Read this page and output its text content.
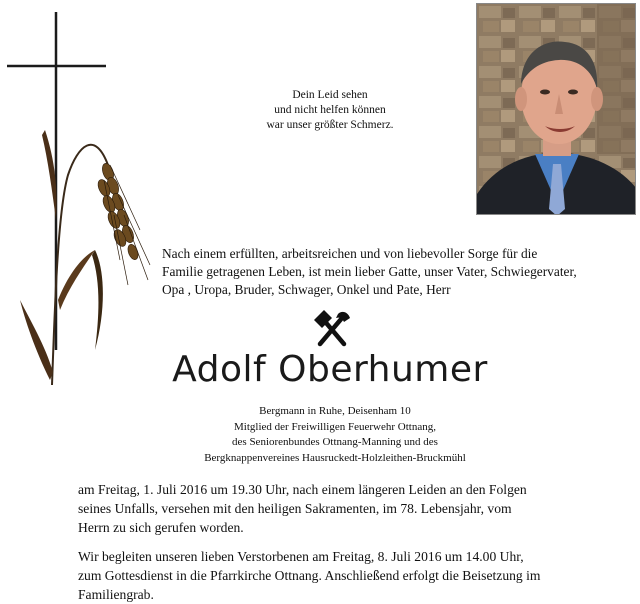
Dein Leid sehen
und nicht helfen können
war unser größter Schmerz.
Nach einem erfüllten, arbeitsreichen und von liebevoller Sorge für die
Familie getragenen Leben, ist mein lieber Gatte, unser Vater, Schwiegervater,
Opa , Uropa, Bruder, Schwager, Onkel und Pate, Herr
Adolf Oberhumer
Bergmann in Ruhe, Deisenham 10
Mitglied der Freiwilligen Feuerwehr Ottnang,
des Seniorenbundes Ottnang-Manning und des
Bergknappenvereines Hausruckedt-Holzleithen-Bruckmühl
am Freitag, 1. Juli 2016 um 19.30 Uhr, nach einem längeren Leiden an den Folgen
seines Unfalls, versehen mit den heiligen Sakramenten, im 78. Lebensjahr, vom
Herrn zu sich gerufen worden.
Wir begleiten unseren lieben Verstorbenen am Freitag, 8. Juli 2016 um 14.00 Uhr,
zum Gottesdienst in die Pfarrkirche Ottnang. Anschließend erfolgt die Beisetzung im
Familiengrab.
